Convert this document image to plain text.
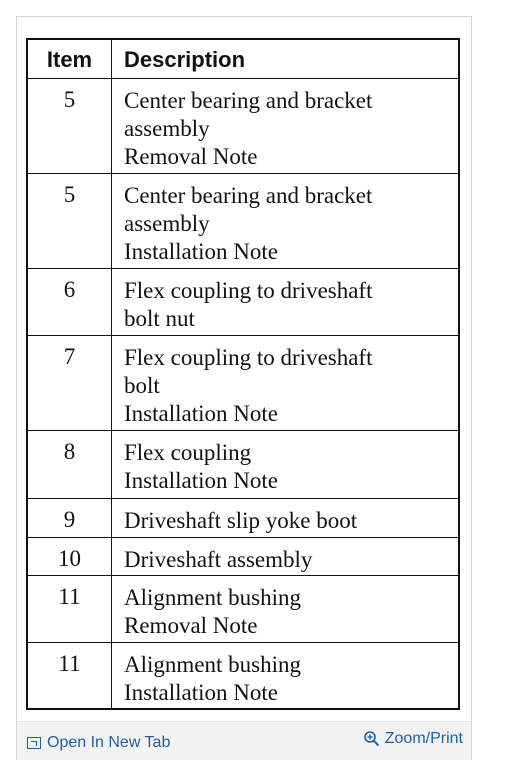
Item	Description
5	Center bearing and bracket
assembly
Removal Note
5	Center bearing and bracket
assembly
Installation Note
6	Flex coupling to driveshaft
bolt nut
7	Flex coupling to driveshaft
bolt
Installation Note
8	Flex coupling
Installation Note
9	Driveshaft slip yoke boot
10	Driveshaft assembly
11	Alignment bushing
Removal Note
11	Alignment bushing
Installation Note
Open In New Tab	Zoom/Print
